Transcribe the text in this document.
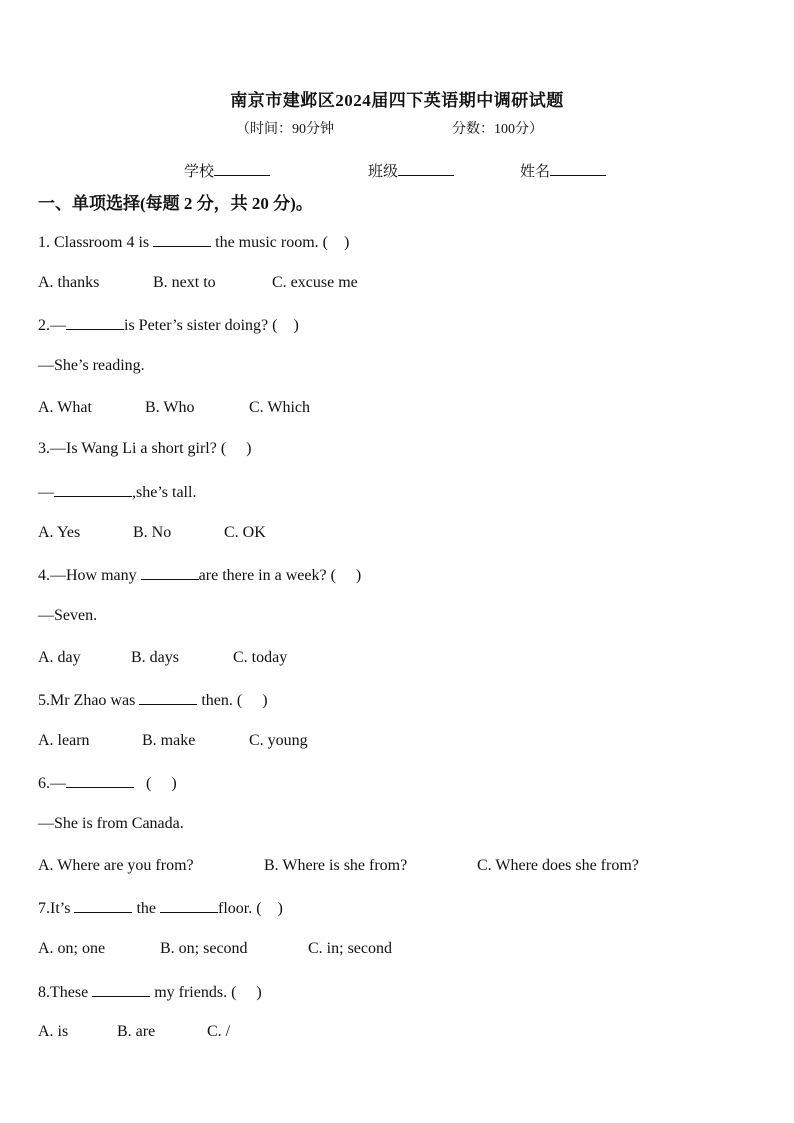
南京市建邺区2024届四下英语期中调研试题
（时间：90分钟	分数：100分）
学校	班级	姓名
一、单项选择(每题 2 分，共 20 分)。
1. Classroom 4 is	the music room. (    )
A. thanks	B. next to	C. excuse me
2.—	is Peter’s sister doing? (    )
—She’s reading.
A. What	B. Who	C. Which
3.—Is Wang Li a short girl? (     )
—	,she’s tall.
A. Yes	B. No	C. OK
4.—How many	are there in a week? (     )
—Seven.
A. day	B. days	C. today
5.Mr Zhao was	then. (     )
A. learn	B. make	C. young
6.—	(     )
—She is from Canada.
A. Where are you from?	B. Where is she from?	C. Where does she from?
7.It’s	the	floor. (    )
A. on; one	B. on; second	C. in; second
8.These	my friends. (     )
A. is	B. are	C. /
